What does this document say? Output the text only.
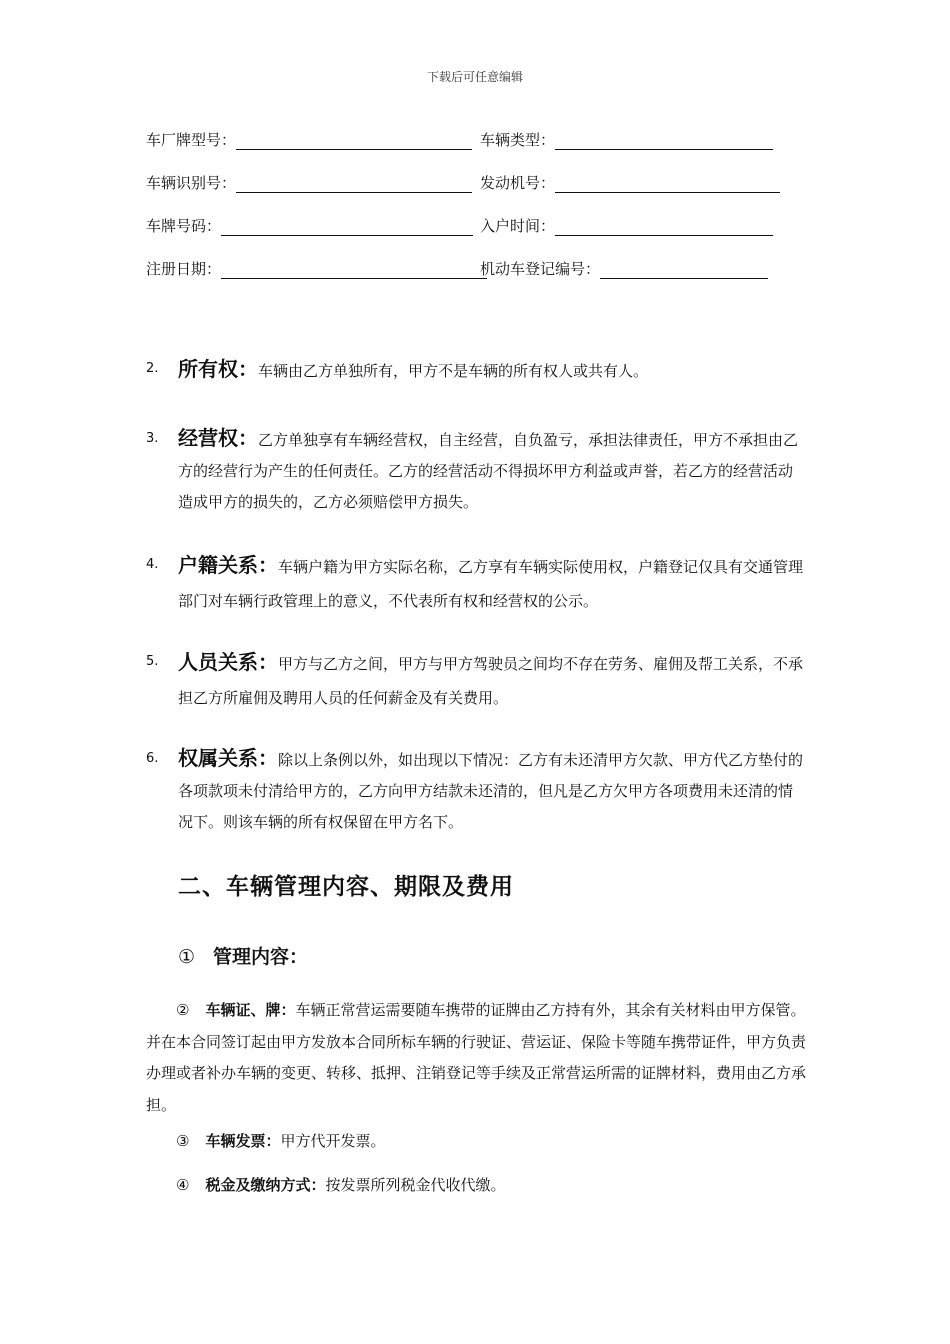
下载后可任意编辑
车厂牌型号：	车辆类型：
车辆识别号：	发动机号：
车牌号码：	入户时间：
注册日期：	机动车登记编号：
2. 所有权：车辆由乙方单独所有，甲方不是车辆的所有权人或共有人。
3. 经营权：乙方单独享有车辆经营权，自主经营，自负盈亏，承担法律责任，甲方不承担由乙方的经营行为产生的任何责任。乙方的经营活动不得损坏甲方利益或声誉，若乙方的经营活动造成甲方的损失的，乙方必须赔偿甲方损失。
4. 户籍关系：车辆户籍为甲方实际名称，乙方享有车辆实际使用权，户籍登记仅具有交通管理部门对车辆行政管理上的意义，不代表所有权和经营权的公示。
5. 人员关系：甲方与乙方之间，甲方与甲方驾驶员之间均不存在劳务、雇佣及帮工关系，不承担乙方所雇佣及聘用人员的任何薪金及有关费用。
6. 权属关系：除以上条例以外，如出现以下情况：乙方有未还清甲方欠款、甲方代乙方垫付的各项款项未付清给甲方的，乙方向甲方结款未还清的，但凡是乙方欠甲方各项费用未还清的情况下。则该车辆的所有权保留在甲方名下。
二、车辆管理内容、期限及费用
① 管理内容：
② 车辆证、牌：车辆正常营运需要随车携带的证牌由乙方持有外，其余有关材料由甲方保管。并在本合同签订起由甲方发放本合同所标车辆的行驶证、营运证、保险卡等随车携带证件，甲方负责办理或者补办车辆的变更、转移、抵押、注销登记等手续及正常营运所需的证牌材料，费用由乙方承担。
③ 车辆发票：甲方代开发票。
④ 税金及缴纳方式：按发票所列税金代收代缴。
